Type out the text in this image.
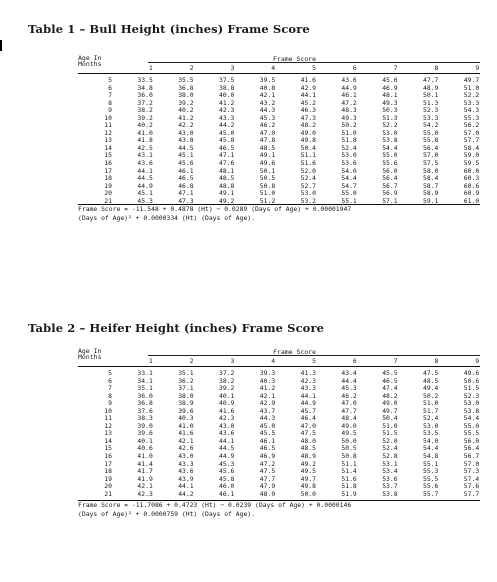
Table 1 – Bull Height (inches) Frame Score
Age In
Months
Frame Score
1	2	3	4	5	6	7	8	9
5	33.5	35.5	37.5	39.5	41.6	43.6	45.6	47.7	49.7
6	34.8	36.8	38.8	40.8	42.9	44.9	46.9	48.9	51.0
7	36.0	38.0	40.0	42.1	44.1	46.1	48.1	50.1	52.2
8	37.2	39.2	41.2	43.2	45.2	47.2	49.3	51.3	53.3
9	38.2	40.2	42.3	44.3	46.3	48.3	50.3	52.3	54.3
10	39.2	41.2	43.3	45.3	47.3	49.3	51.3	53.3	55.3
11	40.2	42.2	44.2	46.2	48.2	50.2	52.2	54.2	56.2
12	41.0	43.0	45.0	47.0	49.0	51.0	53.0	55.0	57.0
13	41.8	43.8	45.8	47.8	49.8	51.8	53.8	55.8	57.7
14	42.5	44.5	46.5	48.5	50.4	52.4	54.4	56.4	58.4
15	43.1	45.1	47.1	49.1	51.1	53.0	55.0	57.0	59.0
16	43.6	45.6	47.6	49.6	51.6	53.6	55.6	57.5	59.5
17	44.1	46.1	48.1	50.1	52.0	54.0	56.0	58.0	60.0
18	44.5	46.5	48.5	50.5	52.4	54.4	56.4	58.4	60.3
19	44.9	46.8	48.8	50.8	52.7	54.7	56.7	58.7	60.6
20	45.1	47.1	49.1	51.0	53.0	55.0	56.9	58.9	60.9
21	45.3	47.3	49.2	51.2	53.2	55.1	57.1	59.1	61.0
Frame Score = -11.548 + 0.4878 (Ht) − 0.0289 (Days of Age) + 0.00001947
(Days of Age)² + 0.0000334 (Ht) (Days of Age).
Table 2 – Heifer Height (inches) Frame Score
Age In
Months
Frame Score
1	2	3	4	5	6	7	8	9
5	33.1	35.1	37.2	39.3	41.3	43.4	45.5	47.5	49.6
6	34.1	36.2	38.2	40.3	42.3	44.4	46.5	48.5	50.6
7	35.1	37.1	39.2	41.2	43.3	45.3	47.4	49.4	51.5
8	36.0	38.0	40.1	42.1	44.1	46.2	48.2	50.2	52.3
9	36.8	38.9	40.9	42.9	44.9	47.0	49.0	51.0	53.0
10	37.6	39.6	41.6	43.7	45.7	47.7	49.7	51.7	53.8
11	38.3	40.3	42.3	44.3	46.4	48.4	50.4	52.4	54.4
12	39.0	41.0	43.0	45.0	47.0	49.0	51.0	53.0	55.0
13	39.6	41.6	43.6	45.5	47.5	49.5	51.5	53.5	55.5
14	40.1	42.1	44.1	46.1	48.0	50.0	52.0	54.0	56.0
15	40.6	42.6	44.5	46.5	48.5	50.5	52.4	54.4	56.4
16	41.0	43.0	44.9	46.9	48.9	50.8	52.8	54.8	56.7
17	41.4	43.3	45.3	47.2	49.2	51.1	53.1	55.1	57.0
18	41.7	43.6	45.6	47.5	49.5	51.4	53.4	55.3	57.3
19	41.9	43.9	45.8	47.7	49.7	51.6	53.6	55.5	57.4
20	42.1	44.1	46.0	47.9	49.8	51.8	53.7	55.6	57.6
21	42.3	44.2	46.1	48.0	50.0	51.9	53.8	55.7	57.7
Frame Score = -11.7086 + 0.4723 (Ht) − 0.0239 (Days of Age) + 0.0000146
(Days of Age)² + 0.0000759 (Ht) (Days of Age).
